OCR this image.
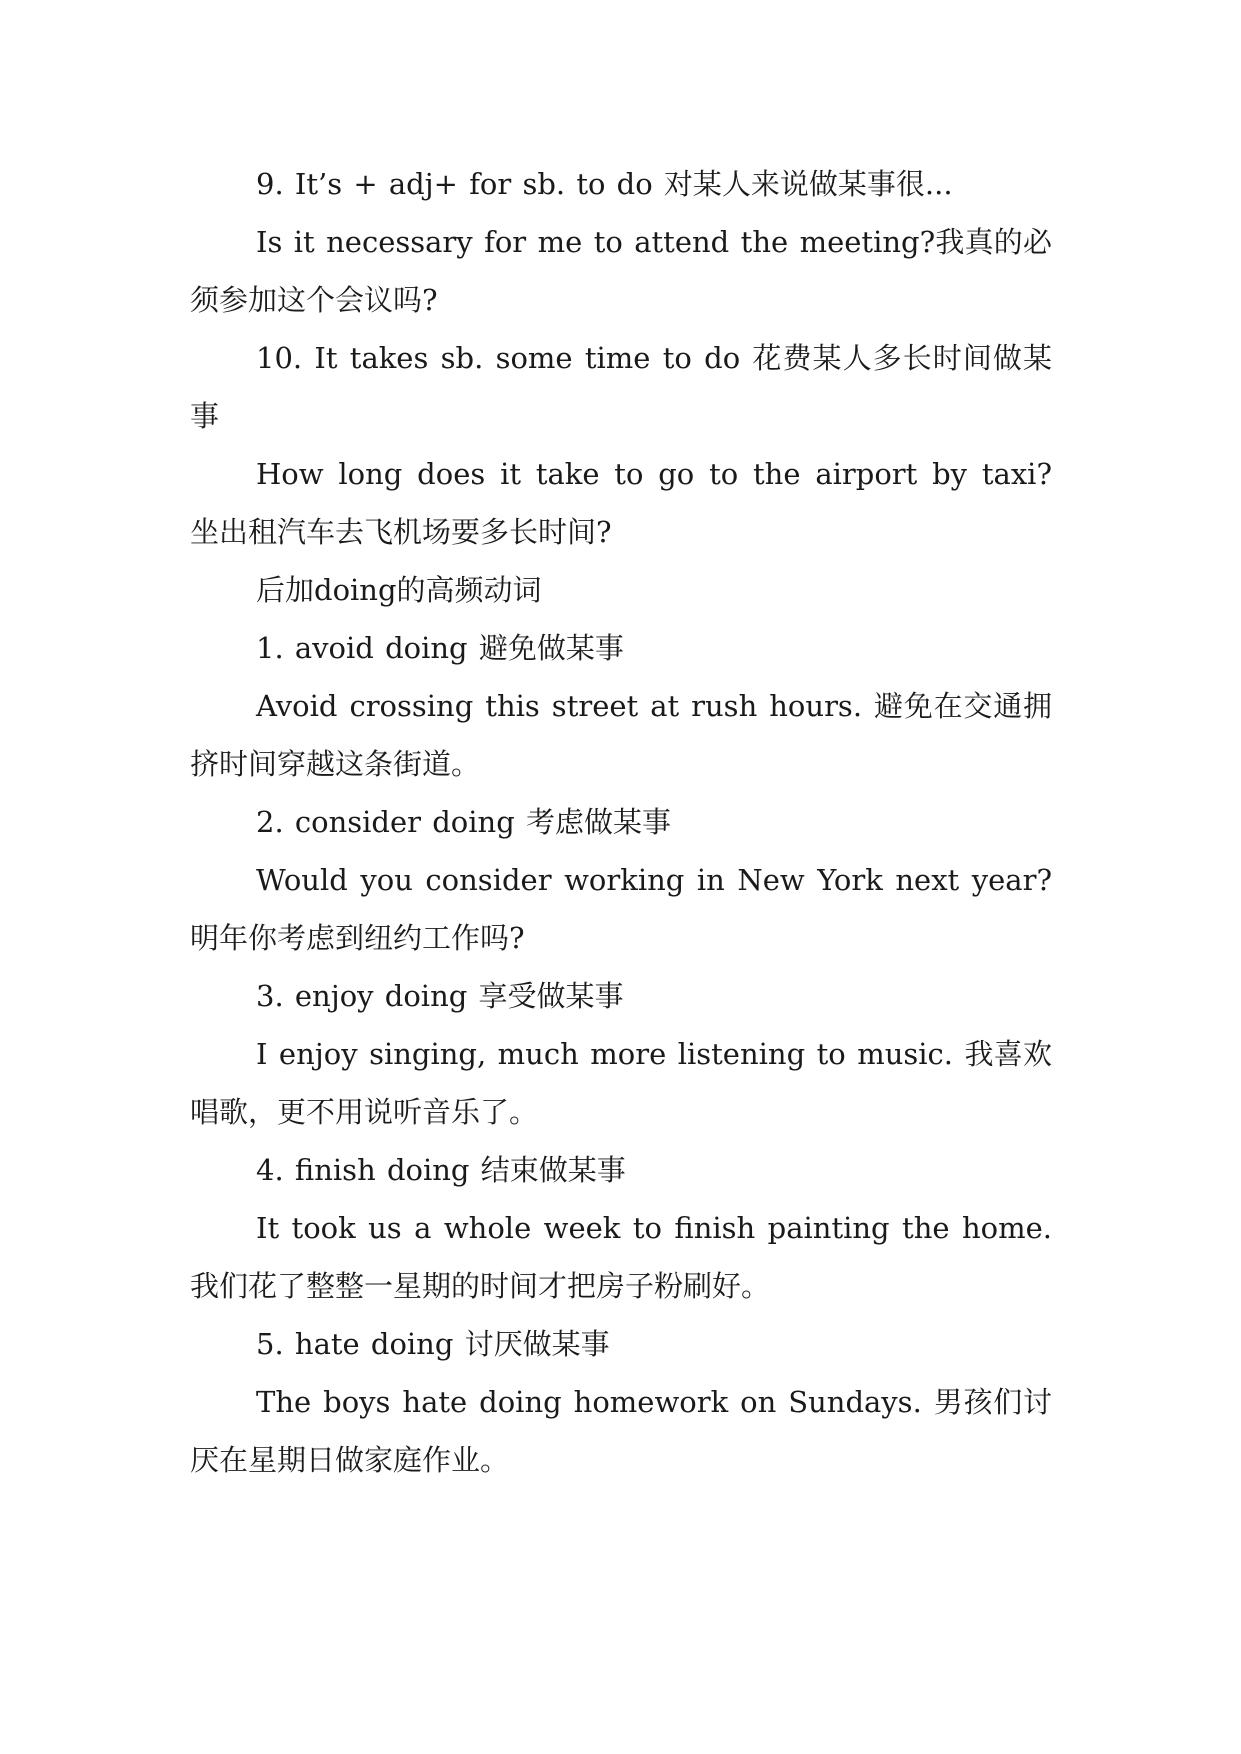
9. It’s + adj+ for sb. to do 对某人来说做某事很...

Is it necessary for me to attend the meeting?我真的必须参加这个会议吗?

10. It takes sb. some time to do 花费某人多长时间做某事

How long does it take to go to the airport by taxi? 坐出租汽车去飞机场要多长时间?

后加doing的高频动词

1. avoid doing 避免做某事

Avoid crossing this street at rush hours. 避免在交通拥挤时间穿越这条街道。

2. consider doing 考虑做某事

Would you consider working in New York next year? 明年你考虑到纽约工作吗?

3. enjoy doing 享受做某事

I enjoy singing, much more listening to music. 我喜欢唱歌，更不用说听音乐了。

4. finish doing 结束做某事

It took us a whole week to finish painting the home. 我们花了整整一星期的时间才把房子粉刷好。

5. hate doing 讨厌做某事

The boys hate doing homework on Sundays. 男孩们讨厌在星期日做家庭作业。
